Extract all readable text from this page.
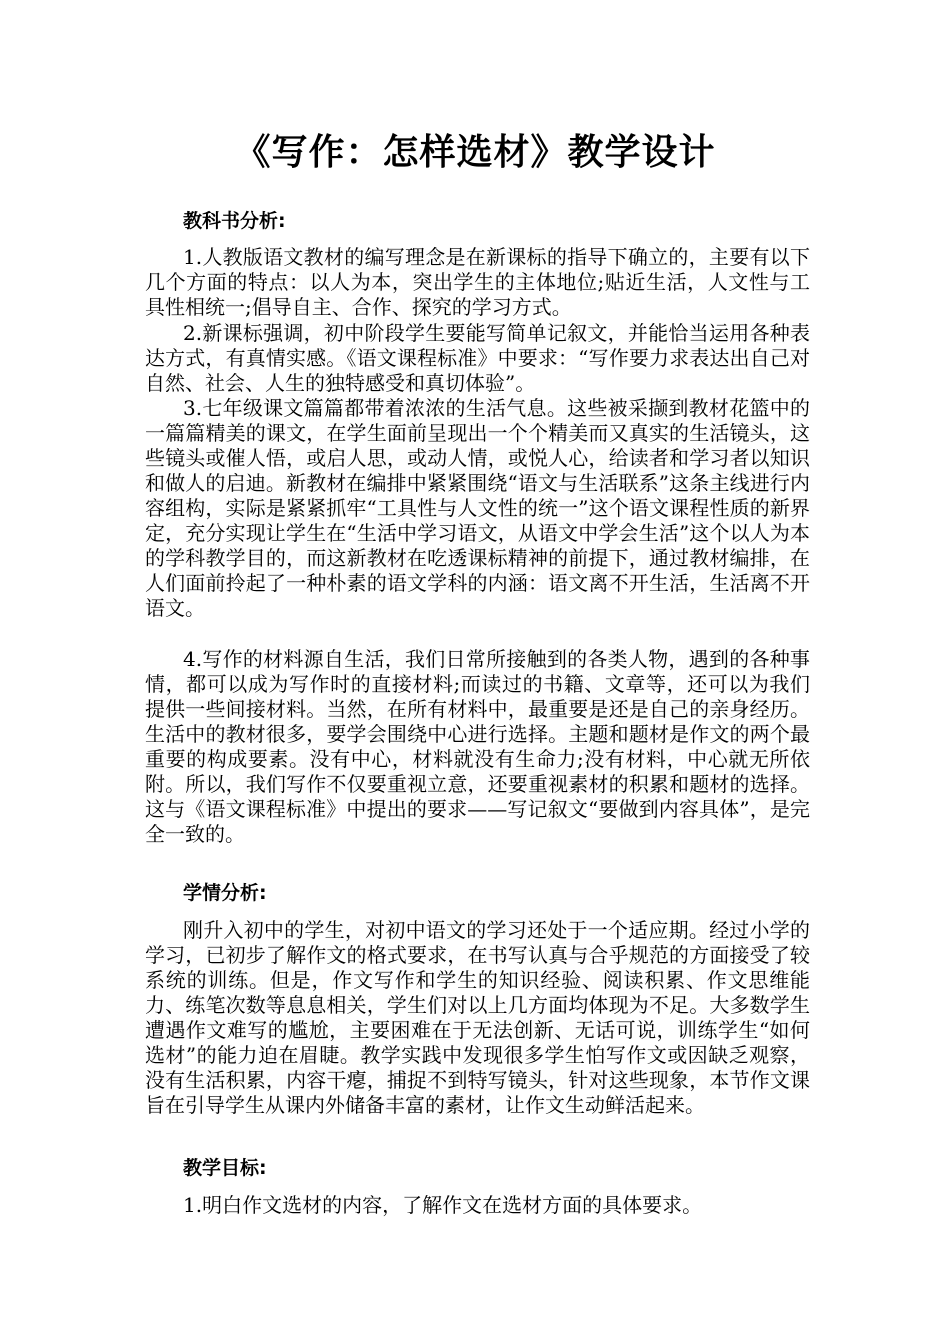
《写作：怎样选材》教学设计
教科书分析:

1.人教版语文教材的编写理念是在新课标的指导下确立的，主要有以下几个方面的特点：以人为本，突出学生的主体地位;贴近生活，人文性与工具性相统一;倡导自主、合作、探究的学习方式。

2.新课标强调，初中阶段学生要能写简单记叙文，并能恰当运用各种表达方式，有真情实感。《语文课程标准》中要求：“写作要力求表达出自己对自然、社会、人生的独特感受和真切体验”。

3.七年级课文篇篇都带着浓浓的生活气息。这些被采撷到教材花篮中的一篇篇精美的课文，在学生面前呈现出一个个精美而又真实的生活镜头，这些镜头或催人悟，或启人思，或动人情，或悦人心，给读者和学习者以知识和做人的启迪。新教材在编排中紧紧围绕“语文与生活联系”这条主线进行内容组构，实际是紧紧抓牢“工具性与人文性的统一”这个语文课程性质的新界定，充分实现让学生在“生活中学习语文，从语文中学会生活”这个以人为本的学科教学目的，而这新教材在吃透课标精神的前提下，通过教材编排，在人们面前拎起了一种朴素的语文学科的内涵：语文离不开生活，生活离不开语文。

4.写作的材料源自生活，我们日常所接触到的各类人物，遇到的各种事情，都可以成为写作时的直接材料;而读过的书籍、文章等，还可以为我们提供一些间接材料。当然，在所有材料中，最重要是还是自己的亲身经历。生活中的教材很多，要学会围绕中心进行选择。主题和题材是作文的两个最重要的构成要素。没有中心，材料就没有生命力;没有材料，中心就无所依附。所以，我们写作不仅要重视立意，还要重视素材的积累和题材的选择。这与《语文课程标准》中提出的要求——写记叙文“要做到内容具体”，是完全一致的。

学情分析:

刚升入初中的学生，对初中语文的学习还处于一个适应期。经过小学的学习，已初步了解作文的格式要求，在书写认真与合乎规范的方面接受了较系统的训练。但是，作文写作和学生的知识经验、阅读积累、作文思维能力、练笔次数等息息相关，学生们对以上几方面均体现为不足。大多数学生遭遇作文难写的尴尬，主要困难在于无法创新、无话可说，训练学生“如何选材”的能力迫在眉睫。教学实践中发现很多学生怕写作文或因缺乏观察，没有生活积累，内容干瘪，捕捉不到特写镜头，针对这些现象，本节作文课旨在引导学生从课内外储备丰富的素材，让作文生动鲜活起来。

教学目标:

1.明白作文选材的内容，了解作文在选材方面的具体要求。
